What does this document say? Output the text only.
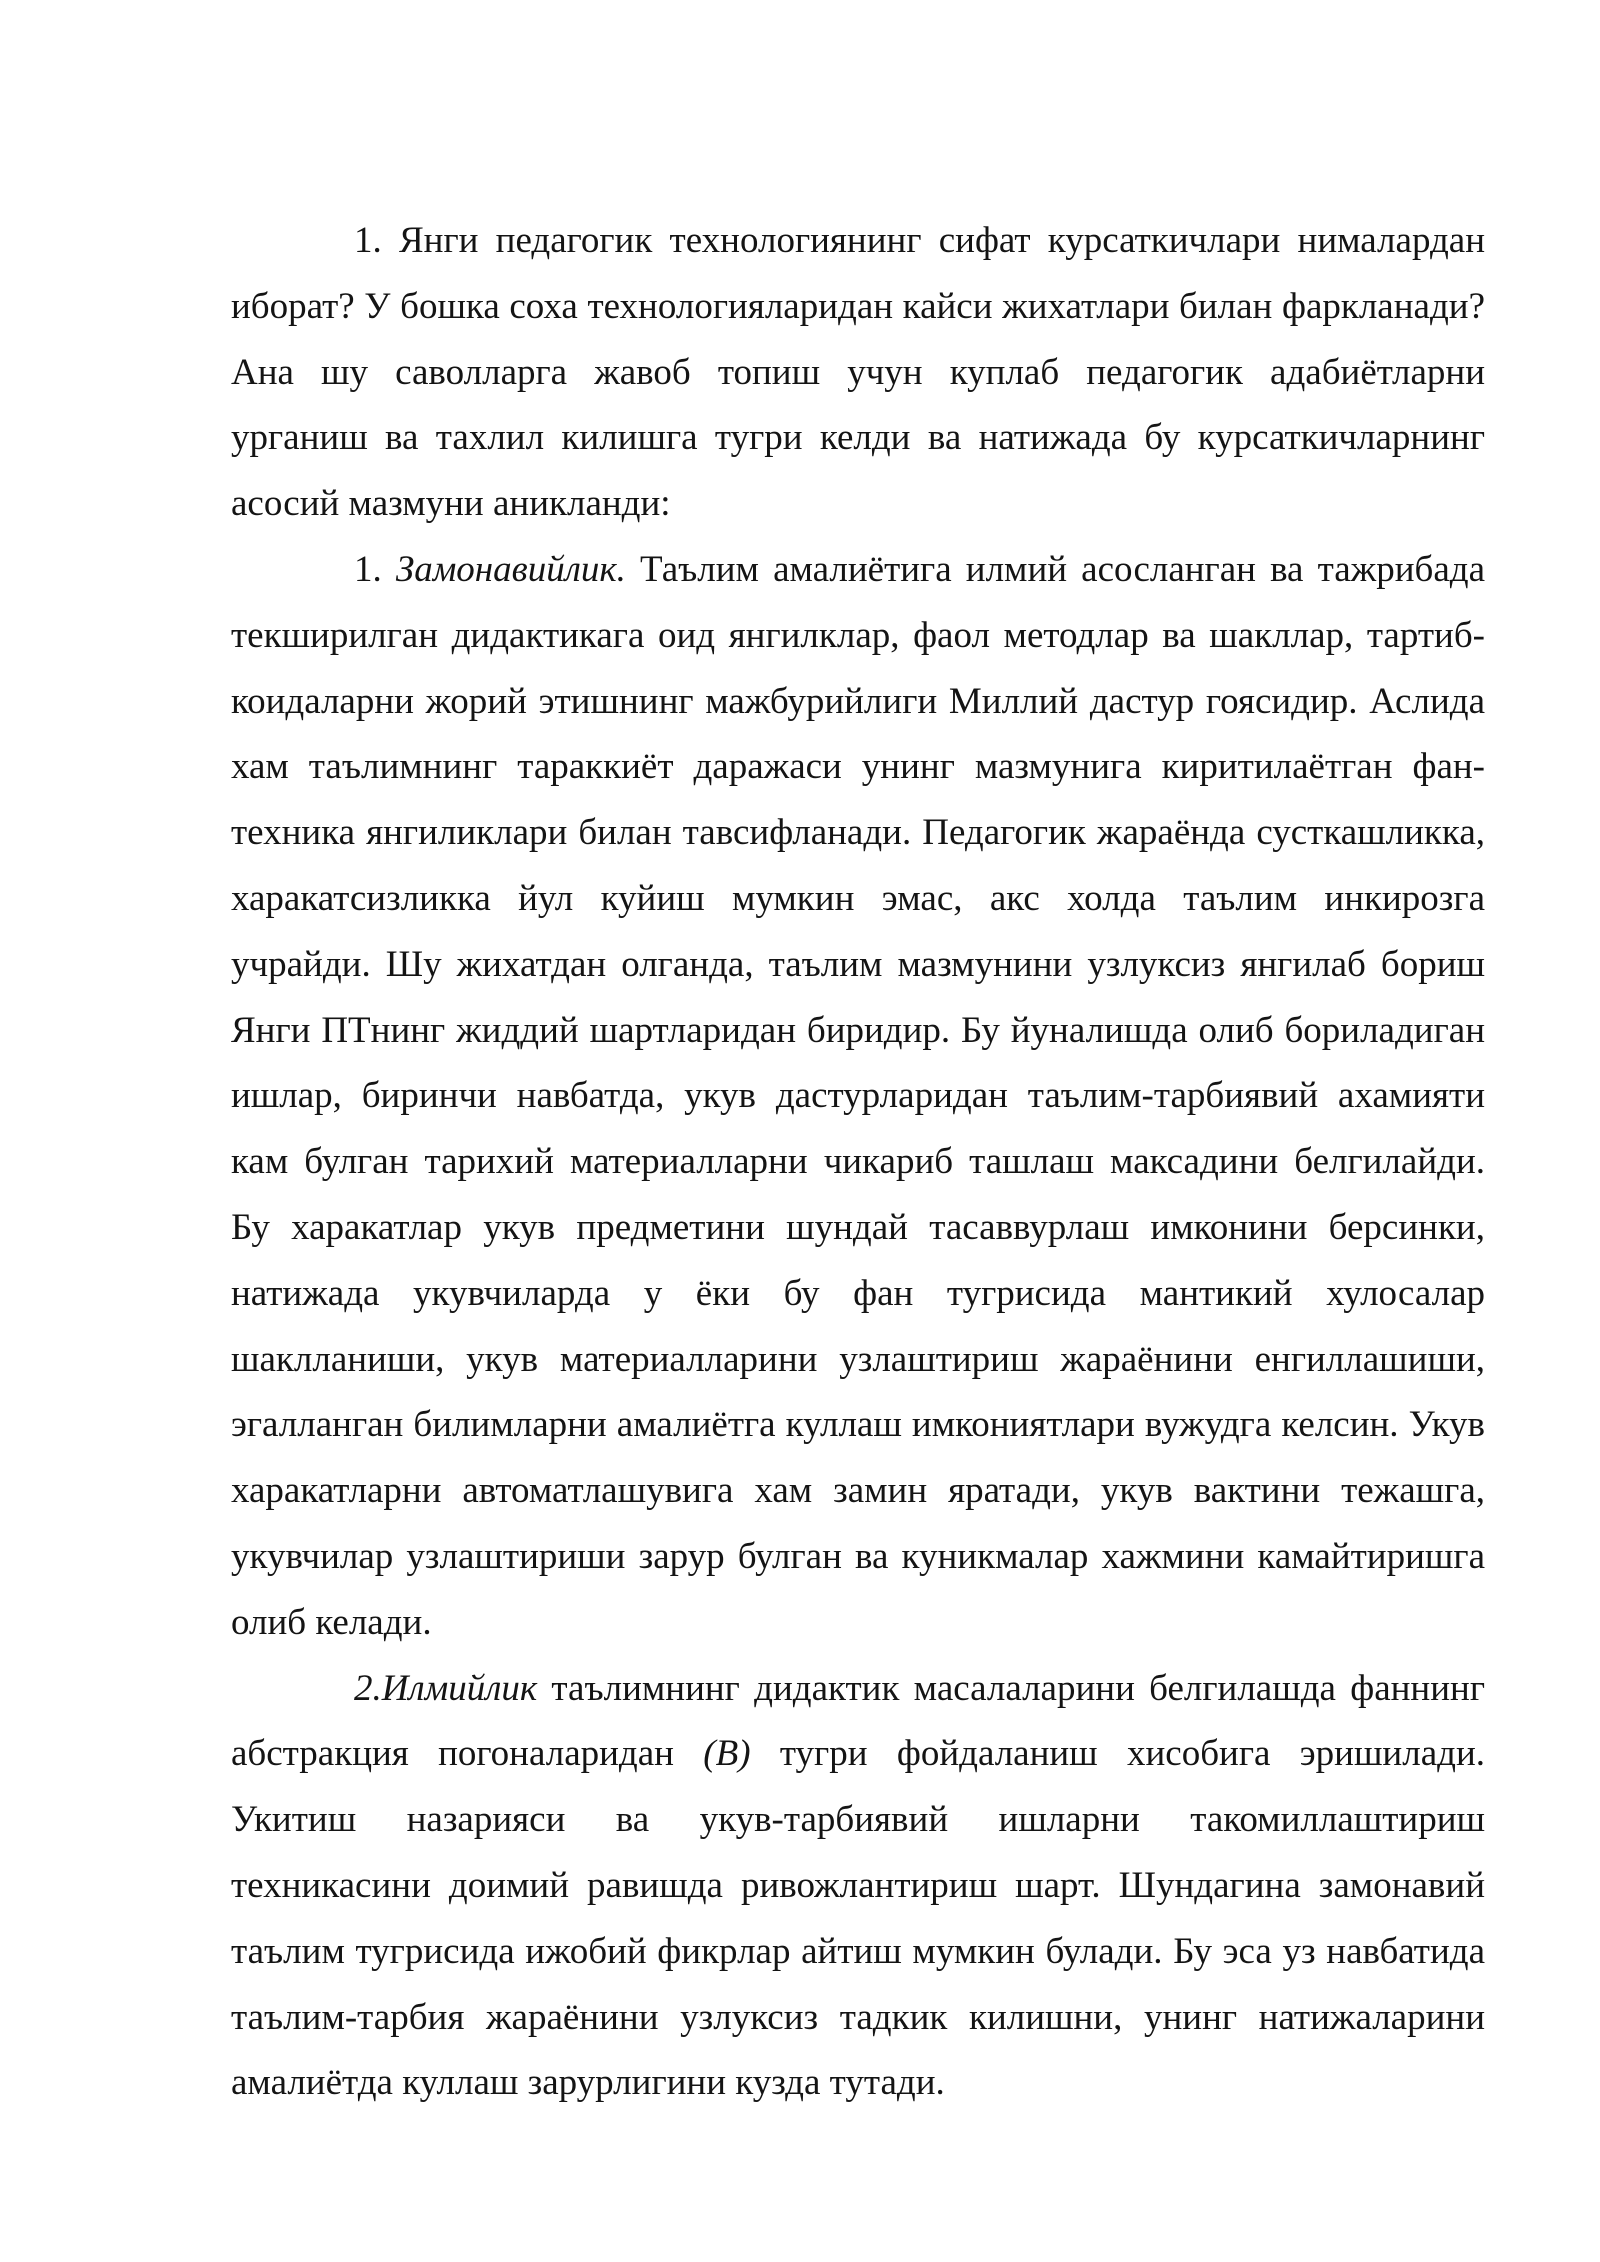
1. Янги педагогик технологиянинг сифат курсаткичлари нималардан иборат? У бошка соха технологияларидан кайси жихатлари билан фаркланади? Ана шу саволларга жавоб топиш учун куплаб педагогик адабиётларни урганиш ва тахлил килишга тугри келди ва натижада бу курсаткичларнинг асосий мазмуни аникланди:

1. Замонавийлик. Таълим амалиётига илмий асосланган ва тажрибада текширилган дидактикага оид янгилклар, фаол методлар ва шакллар, тартиб-коидаларни жорий этишнинг мажбурийлиги Миллий дастур гоясидир. Аслида хам таълимнинг тараккиёт даражаси унинг мазмунига киритилаётган фан-техника янгиликлари билан тавсифланади. Педагогик жараёнда сусткашликка, харакатсизликка йул куйиш мумкин эмас, акс холда таълим инкирозга учрайди. Шу жихатдан олганда, таълим мазмунини узлуксиз янгилаб бориш Янги ПТнинг жиддий шартларидан биридир. Бу йуналишда олиб бориладиган ишлар, биринчи навбатда, укув дастурларидан таълим-тарбиявий ахамияти кам булган тарихий материалларни чикариб ташлаш максадини белгилайди. Бу харакатлар укув предметини шундай тасаввурлаш имконини берсинки, натижада укувчиларда у ёки бу фан тугрисида мантикий хулосалар шаклланиши, укув материалларини узлаштириш жараёнини енгиллашиши, эгалланган билимларни амалиётга куллаш имкониятлари вужудга келсин. Укув харакатларни автоматлашувига хам замин яратади, укув вактини тежашга, укувчилар узлаштириши зарур булган ва куникмалар хажмини камайтиришга олиб келади.

2.Илмийлик таълимнинг дидактик масалаларини белгилашда фаннинг абстракция погоналаридан (В) тугри фойдаланиш хисобига эришилади. Укитиш назарияси ва укув-тарбиявий ишларни такомиллаштириш техникасини доимий равишда ривожлантириш шарт. Шундагина замонавий таълим тугрисида ижобий фикрлар айтиш мумкин булади. Бу эса уз навбатида таълим-тарбия жараёнини узлуксиз тадкик килишни, унинг натижаларини амалиётда куллаш зарурлигини кузда тутади.
